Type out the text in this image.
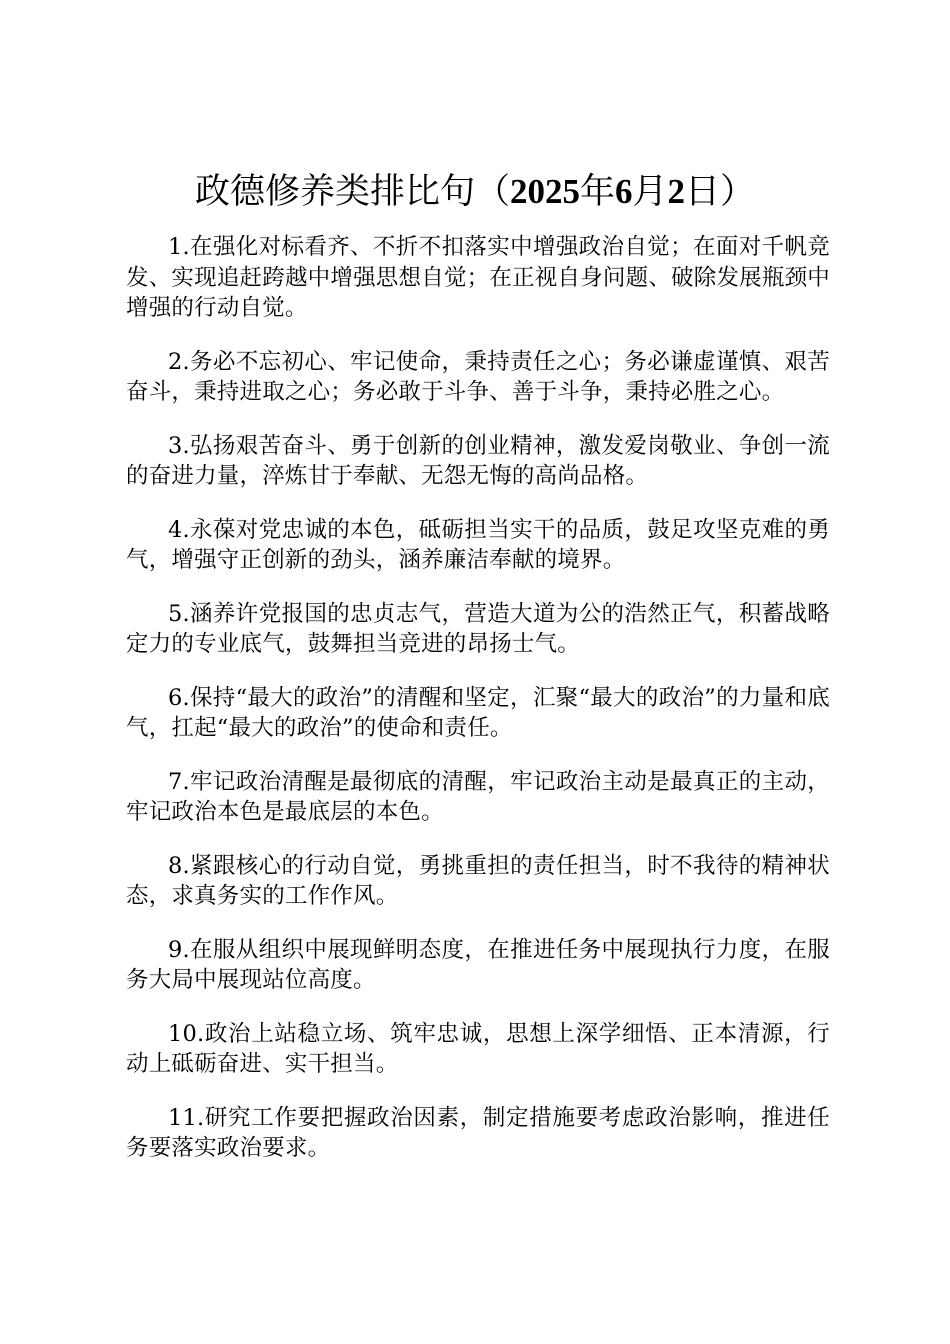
政德修养类排比句（2025年6月2日）

1.在强化对标看齐、不折不扣落实中增强政治自觉；在面对千帆竞发、实现追赶跨越中增强思想自觉；在正视自身问题、破除发展瓶颈中增强的行动自觉。

2.务必不忘初心、牢记使命，秉持责任之心；务必谦虚谨慎、艰苦奋斗，秉持进取之心；务必敢于斗争、善于斗争，秉持必胜之心。

3.弘扬艰苦奋斗、勇于创新的创业精神，激发爱岗敬业、争创一流的奋进力量，淬炼甘于奉献、无怨无悔的高尚品格。

4.永葆对党忠诚的本色，砥砺担当实干的品质，鼓足攻坚克难的勇气，增强守正创新的劲头，涵养廉洁奉献的境界。

5.涵养许党报国的忠贞志气，营造大道为公的浩然正气，积蓄战略定力的专业底气，鼓舞担当竞进的昂扬士气。

6.保持“最大的政治”的清醒和坚定，汇聚“最大的政治”的力量和底气，扛起“最大的政治”的使命和责任。

7.牢记政治清醒是最彻底的清醒，牢记政治主动是最真正的主动，牢记政治本色是最底层的本色。

8.紧跟核心的行动自觉，勇挑重担的责任担当，时不我待的精神状态，求真务实的工作作风。

9.在服从组织中展现鲜明态度，在推进任务中展现执行力度，在服务大局中展现站位高度。

10.政治上站稳立场、筑牢忠诚，思想上深学细悟、正本清源，行动上砥砺奋进、实干担当。

11.研究工作要把握政治因素，制定措施要考虑政治影响，推进任务要落实政治要求。
